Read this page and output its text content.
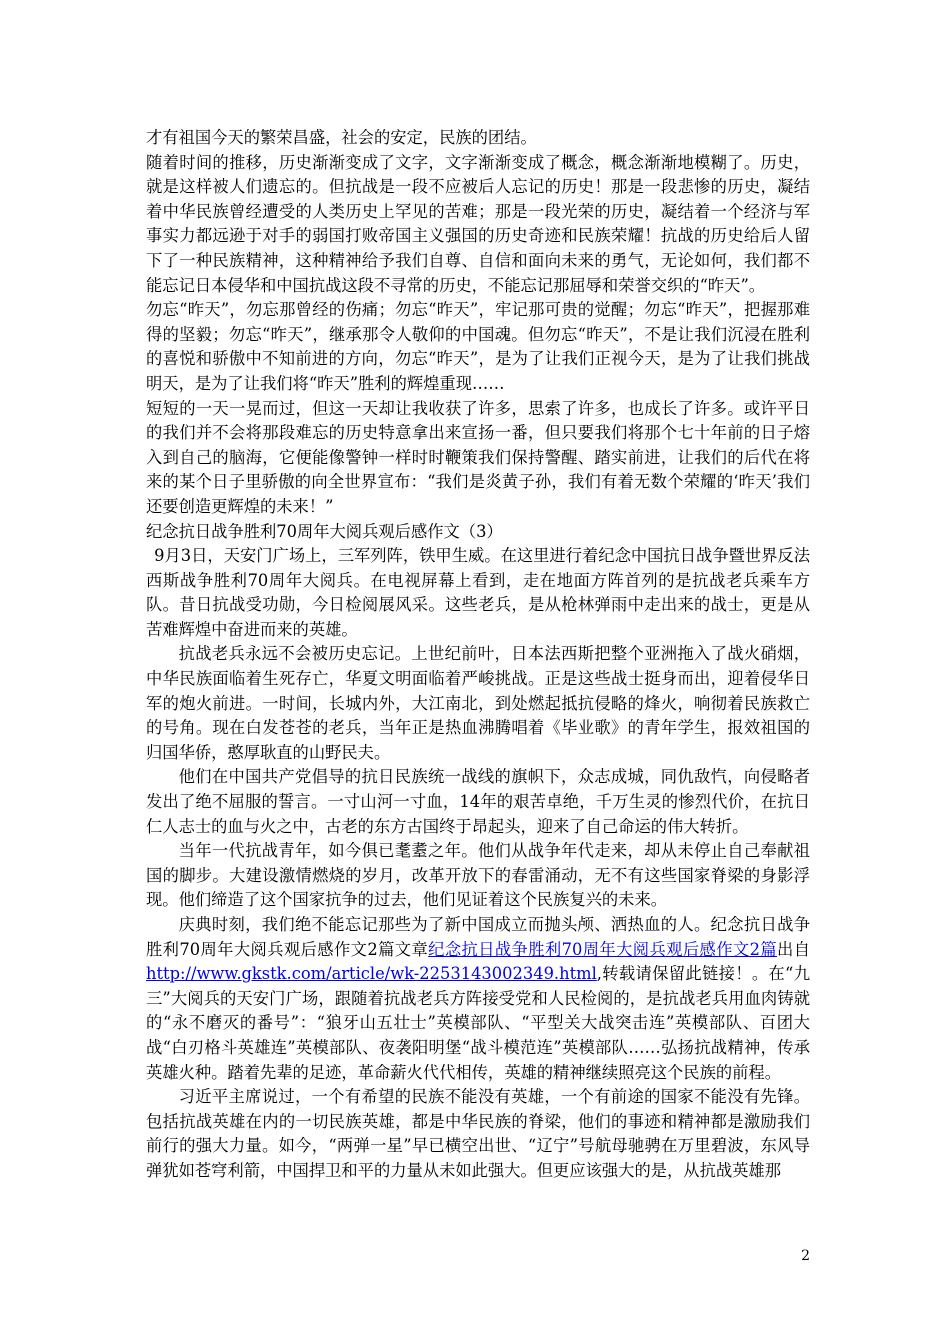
才有祖国今天的繁荣昌盛，社会的安定，民族的团结。

随着时间的推移，历史渐渐变成了文字，文字渐渐变成了概念，概念渐渐地模糊了。历史，就是这样被人们遗忘的。但抗战是一段不应被后人忘记的历史！那是一段悲惨的历史，凝结着中华民族曾经遭受的人类历史上罕见的苦难；那是一段光荣的历史，凝结着一个经济与军事实力都远逊于对手的弱国打败帝国主义强国的历史奇迹和民族荣耀！抗战的历史给后人留下了一种民族精神，这种精神给予我们自尊、自信和面向未来的勇气，无论如何，我们都不能忘记日本侵华和中国抗战这段不寻常的历史，不能忘记那屈辱和荣誉交织的“昨天”。

勿忘“昨天”，勿忘那曾经的伤痛；勿忘“昨天”，牢记那可贵的觉醒；勿忘“昨天”，把握那难得的坚毅；勿忘“昨天”，继承那令人敬仰的中国魂。但勿忘“昨天”，不是让我们沉浸在胜利的喜悦和骄傲中不知前进的方向，勿忘“昨天”，是为了让我们正视今天，是为了让我们挑战明天，是为了让我们将“昨天”胜利的辉煌重现……

短短的一天一晃而过，但这一天却让我收获了许多，思索了许多，也成长了许多。或许平日的我们并不会将那段难忘的历史特意拿出来宣扬一番，但只要我们将那个七十年前的日子熔入到自己的脑海，它便能像警钟一样时时鞭策我们保持警醒、踏实前进，让我们的后代在将来的某个日子里骄傲的向全世界宣布：“我们是炎黄子孙，我们有着无数个荣耀的‘昨天’我们还要创造更辉煌的未来！”

纪念抗日战争胜利70周年大阅兵观后感作文（3）

9月3日，天安门广场上，三军列阵，铁甲生威。在这里进行着纪念中国抗日战争暨世界反法西斯战争胜利70周年大阅兵。在电视屏幕上看到，走在地面方阵首列的是抗战老兵乘车方队。昔日抗战受功勋，今日检阅展风采。这些老兵，是从枪林弹雨中走出来的战士，更是从苦难辉煌中奋进而来的英雄。

抗战老兵永远不会被历史忘记。上世纪前叶，日本法西斯把整个亚洲拖入了战火硝烟，中华民族面临着生死存亡，华夏文明面临着严峻挑战。正是这些战士挺身而出，迎着侵华日军的炮火前进。一时间，长城内外，大江南北，到处燃起抵抗侵略的烽火，响彻着民族救亡的号角。现在白发苍苍的老兵，当年正是热血沸腾唱着《毕业歌》的青年学生，报效祖国的归国华侨，憨厚耿直的山野民夫。

他们在中国共产党倡导的抗日民族统一战线的旗帜下，众志成城，同仇敌忾，向侵略者发出了绝不屈服的誓言。一寸山河一寸血，14年的艰苦卓绝，千万生灵的惨烈代价，在抗日仁人志士的血与火之中，古老的东方古国终于昂起头，迎来了自己命运的伟大转折。

当年一代抗战青年，如今俱已耄耋之年。他们从战争年代走来，却从未停止自己奉献祖国的脚步。大建设激情燃烧的岁月，改革开放下的春雷涌动，无不有这些国家脊梁的身影浮现。他们缔造了这个国家抗争的过去，他们见证着这个民族复兴的未来。

庆典时刻，我们绝不能忘记那些为了新中国成立而抛头颅、洒热血的人。纪念抗日战争胜利70周年大阅兵观后感作文2篇文章纪念抗日战争胜利70周年大阅兵观后感作文2篇出自http://www.gkstk.com/article/wk-2253143002349.html,转载请保留此链接！。在“九三”大阅兵的天安门广场，跟随着抗战老兵方阵接受党和人民检阅的，是抗战老兵用血肉铸就的“永不磨灭的番号”：“狼牙山五壮士”英模部队、“平型关大战突击连”英模部队、百团大战“白刃格斗英雄连”英模部队、夜袭阳明堡“战斗模范连”英模部队……弘扬抗战精神，传承英雄火种。踏着先辈的足迹，革命薪火代代相传，英雄的精神继续照亮这个民族的前程。

习近平主席说过，一个有希望的民族不能没有英雄，一个有前途的国家不能没有先锋。包括抗战英雄在内的一切民族英雄，都是中华民族的脊梁，他们的事迹和精神都是激励我们前行的强大力量。如今，“两弹一星”早已横空出世、“辽宁”号航母驰骋在万里碧波，东风导弹犹如苍穹利箭，中国捍卫和平的力量从未如此强大。但更应该强大的是，从抗战英雄那

2
